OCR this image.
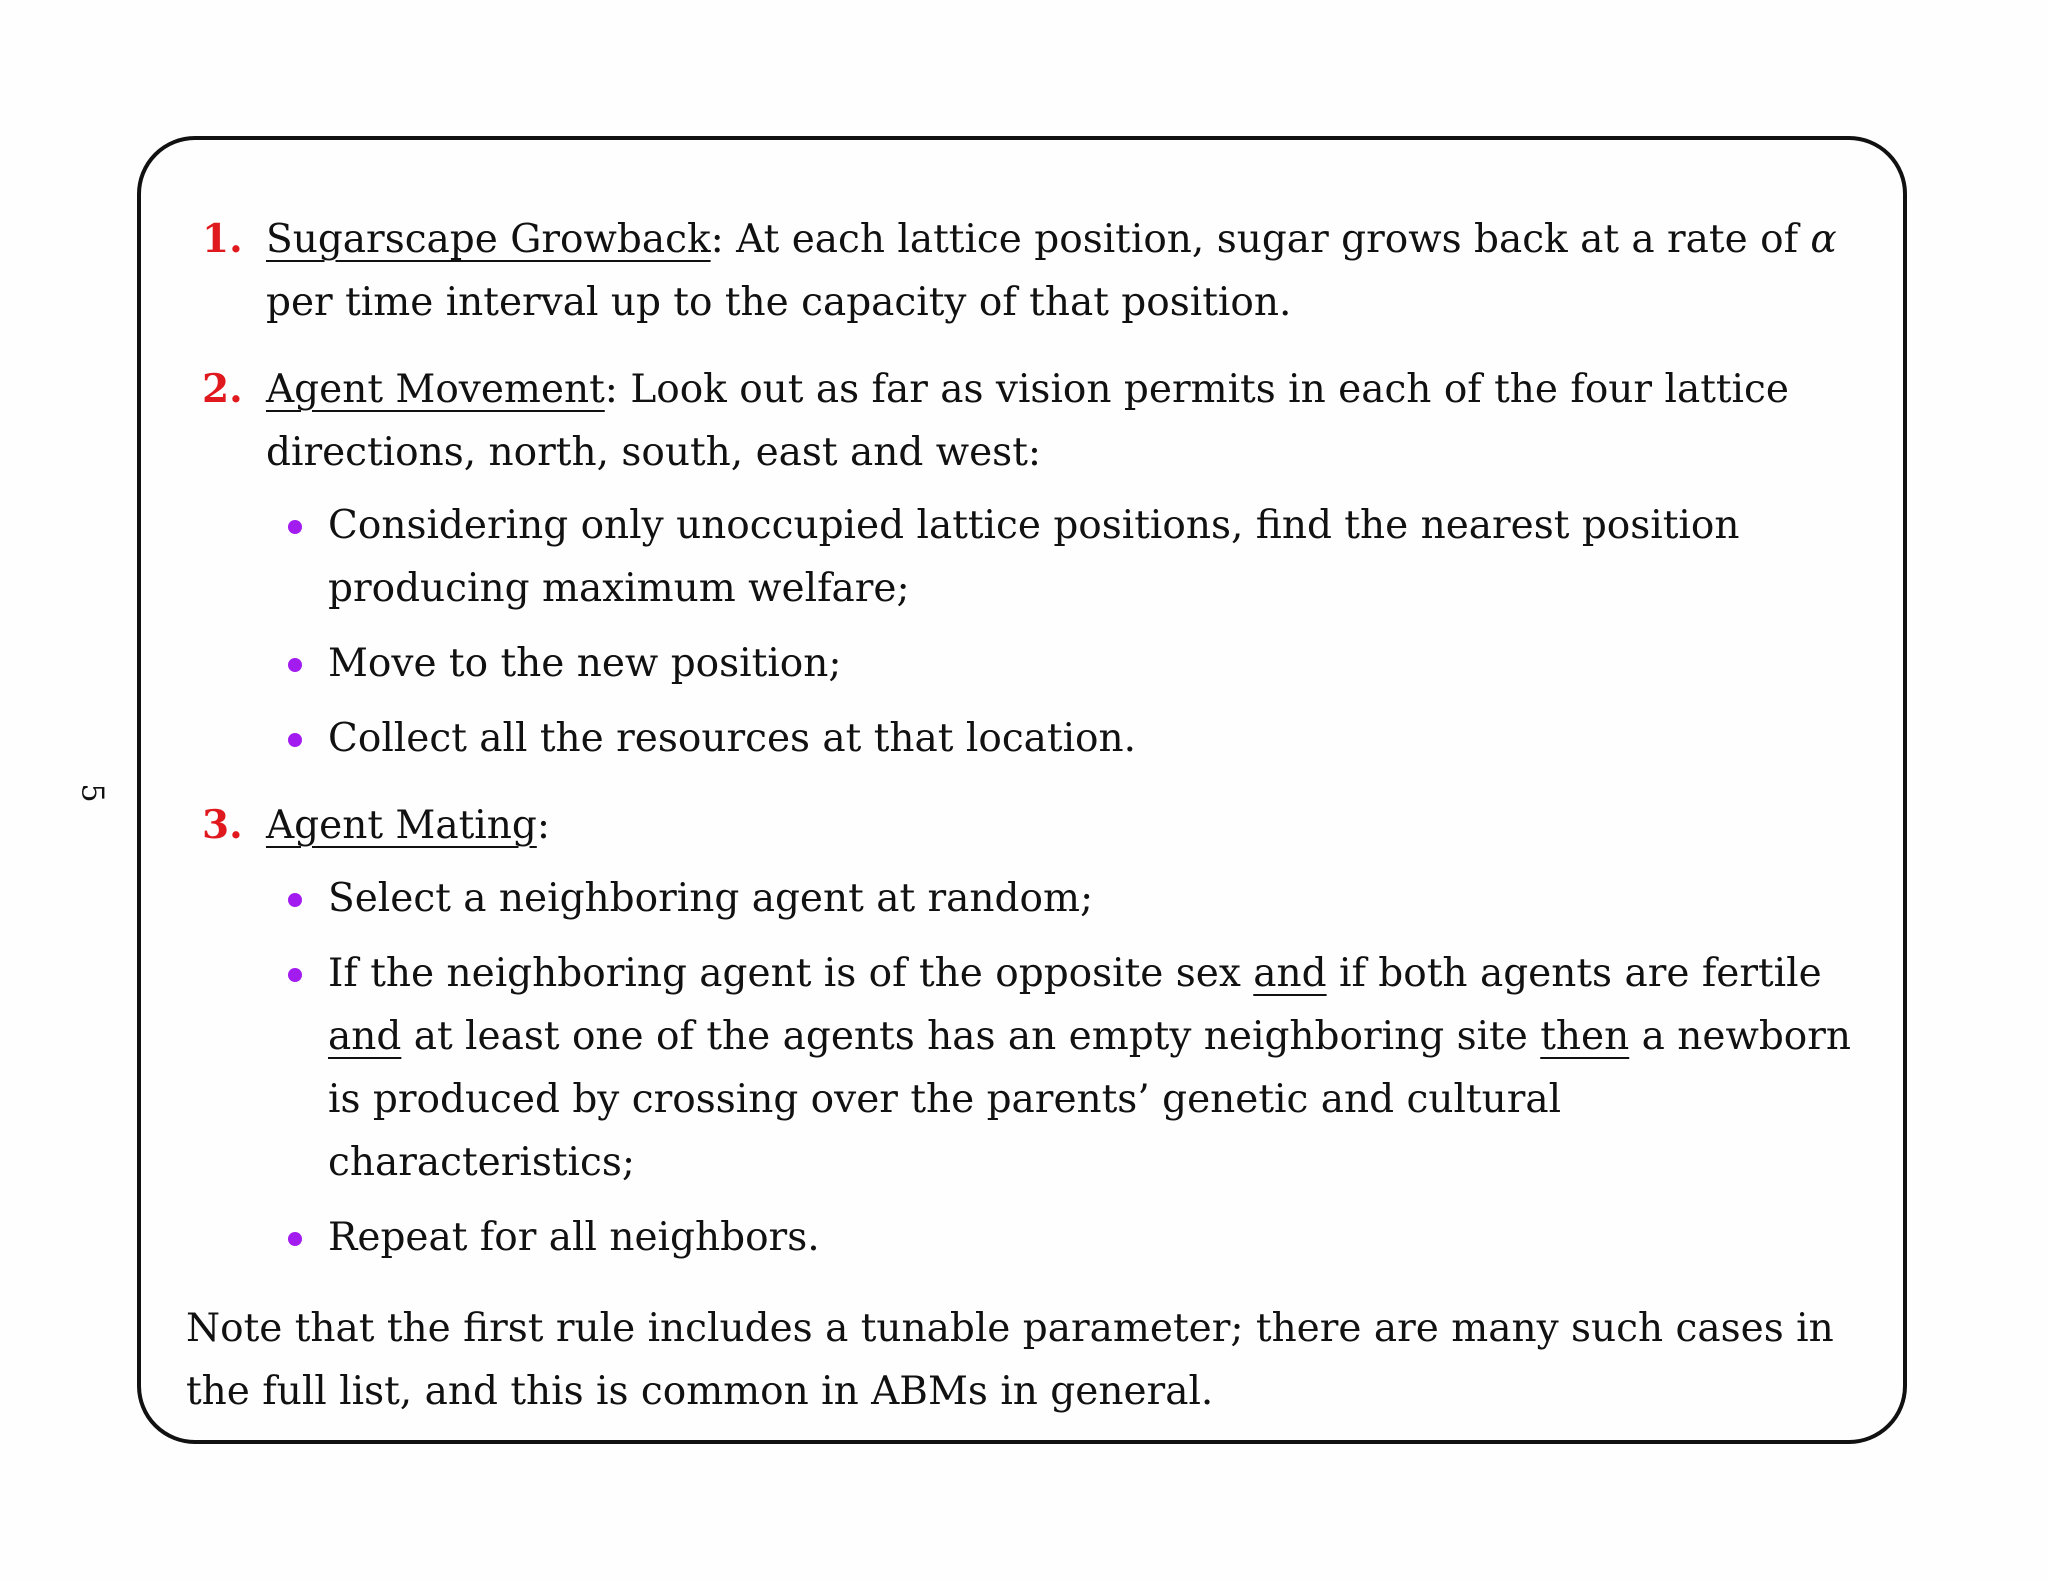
5
1. Sugarscape Growback: At each lattice position, sugar grows back at a rate of α per time interval up to the capacity of that position.
2. Agent Movement: Look out as far as vision permits in each of the four lattice directions, north, south, east and west:
Considering only unoccupied lattice positions, find the nearest position producing maximum welfare;
Move to the new position;
Collect all the resources at that location.
3. Agent Mating:
Select a neighboring agent at random;
If the neighboring agent is of the opposite sex and if both agents are fertile and at least one of the agents has an empty neighboring site then a newborn is produced by crossing over the parents’ genetic and cultural characteristics;
Repeat for all neighbors.
Note that the first rule includes a tunable parameter; there are many such cases in the full list, and this is common in ABMs in general.
